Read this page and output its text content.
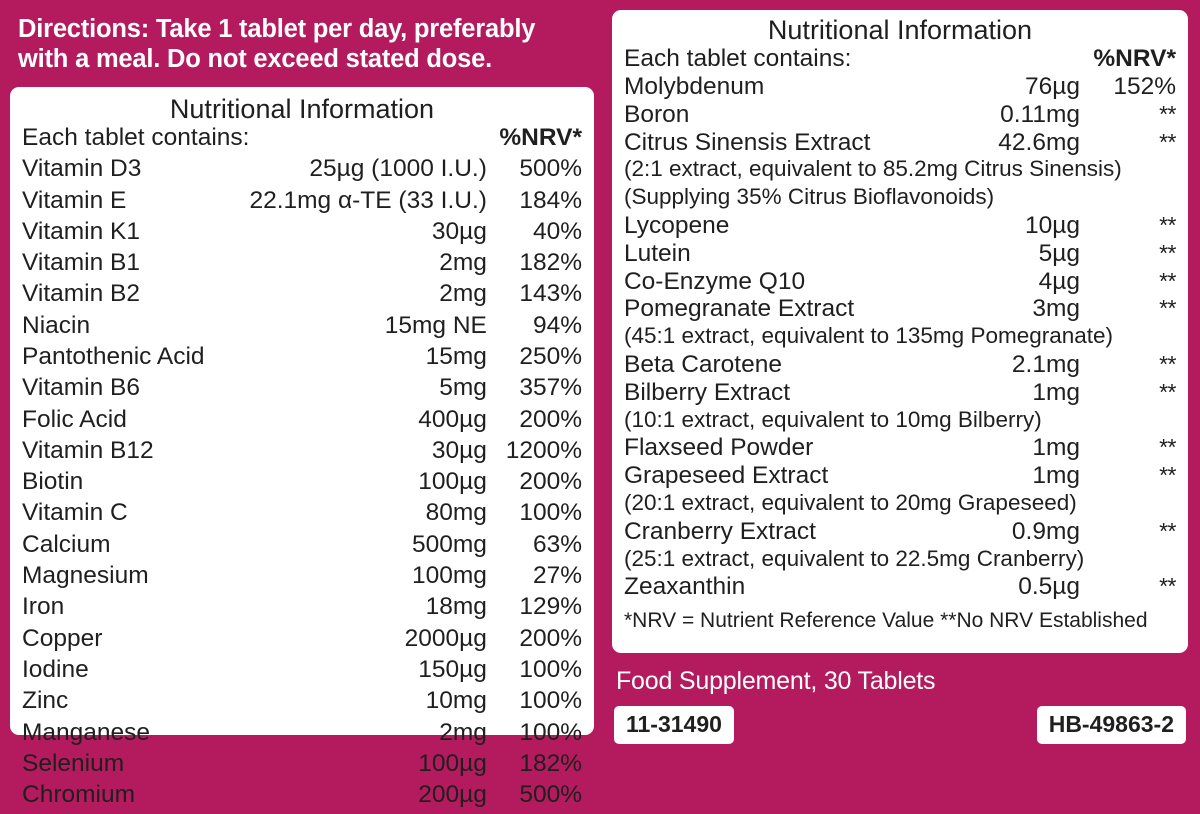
Directions: Take 1 tablet per day, preferably with a meal. Do not exceed stated dose.
Nutritional Information
Each tablet contains:		%NRV*
Vitamin D3	25µg (1000 I.U.)	500%
Vitamin E	22.1mg α-TE (33 I.U.)	184%
Vitamin K1	30µg	40%
Vitamin B1	2mg	182%
Vitamin B2	2mg	143%
Niacin	15mg NE	94%
Pantothenic Acid	15mg	250%
Vitamin B6	5mg	357%
Folic Acid	400µg	200%
Vitamin B12	30µg	1200%
Biotin	100µg	200%
Vitamin C	80mg	100%
Calcium	500mg	63%
Magnesium	100mg	27%
Iron	18mg	129%
Copper	2000µg	200%
Iodine	150µg	100%
Zinc	10mg	100%
Manganese	2mg	100%
Selenium	100µg	182%
Chromium	200µg	500%
Nutritional Information
Each tablet contains:		%NRV*
Molybdenum	76µg	152%
Boron	0.11mg	**
Citrus Sinensis Extract	42.6mg	**
(2:1 extract, equivalent to 85.2mg Citrus Sinensis)		
(Supplying 35% Citrus Bioflavonoids)		
Lycopene	10µg	**
Lutein	5µg	**
Co-Enzyme Q10	4µg	**
Pomegranate Extract	3mg	**
(45:1 extract, equivalent to 135mg Pomegranate)		
Beta Carotene	2.1mg	**
Bilberry Extract	1mg	**
(10:1 extract, equivalent to 10mg Bilberry)		
Flaxseed Powder	1mg	**
Grapeseed Extract	1mg	**
(20:1 extract, equivalent to 20mg Grapeseed)		
Cranberry Extract	0.9mg	**
(25:1 extract, equivalent to 22.5mg Cranberry)		
Zeaxanthin	0.5µg	**
*NRV = Nutrient Reference Value **No NRV Established
Food Supplement, 30 Tablets
11-31490	HB-49863-2
